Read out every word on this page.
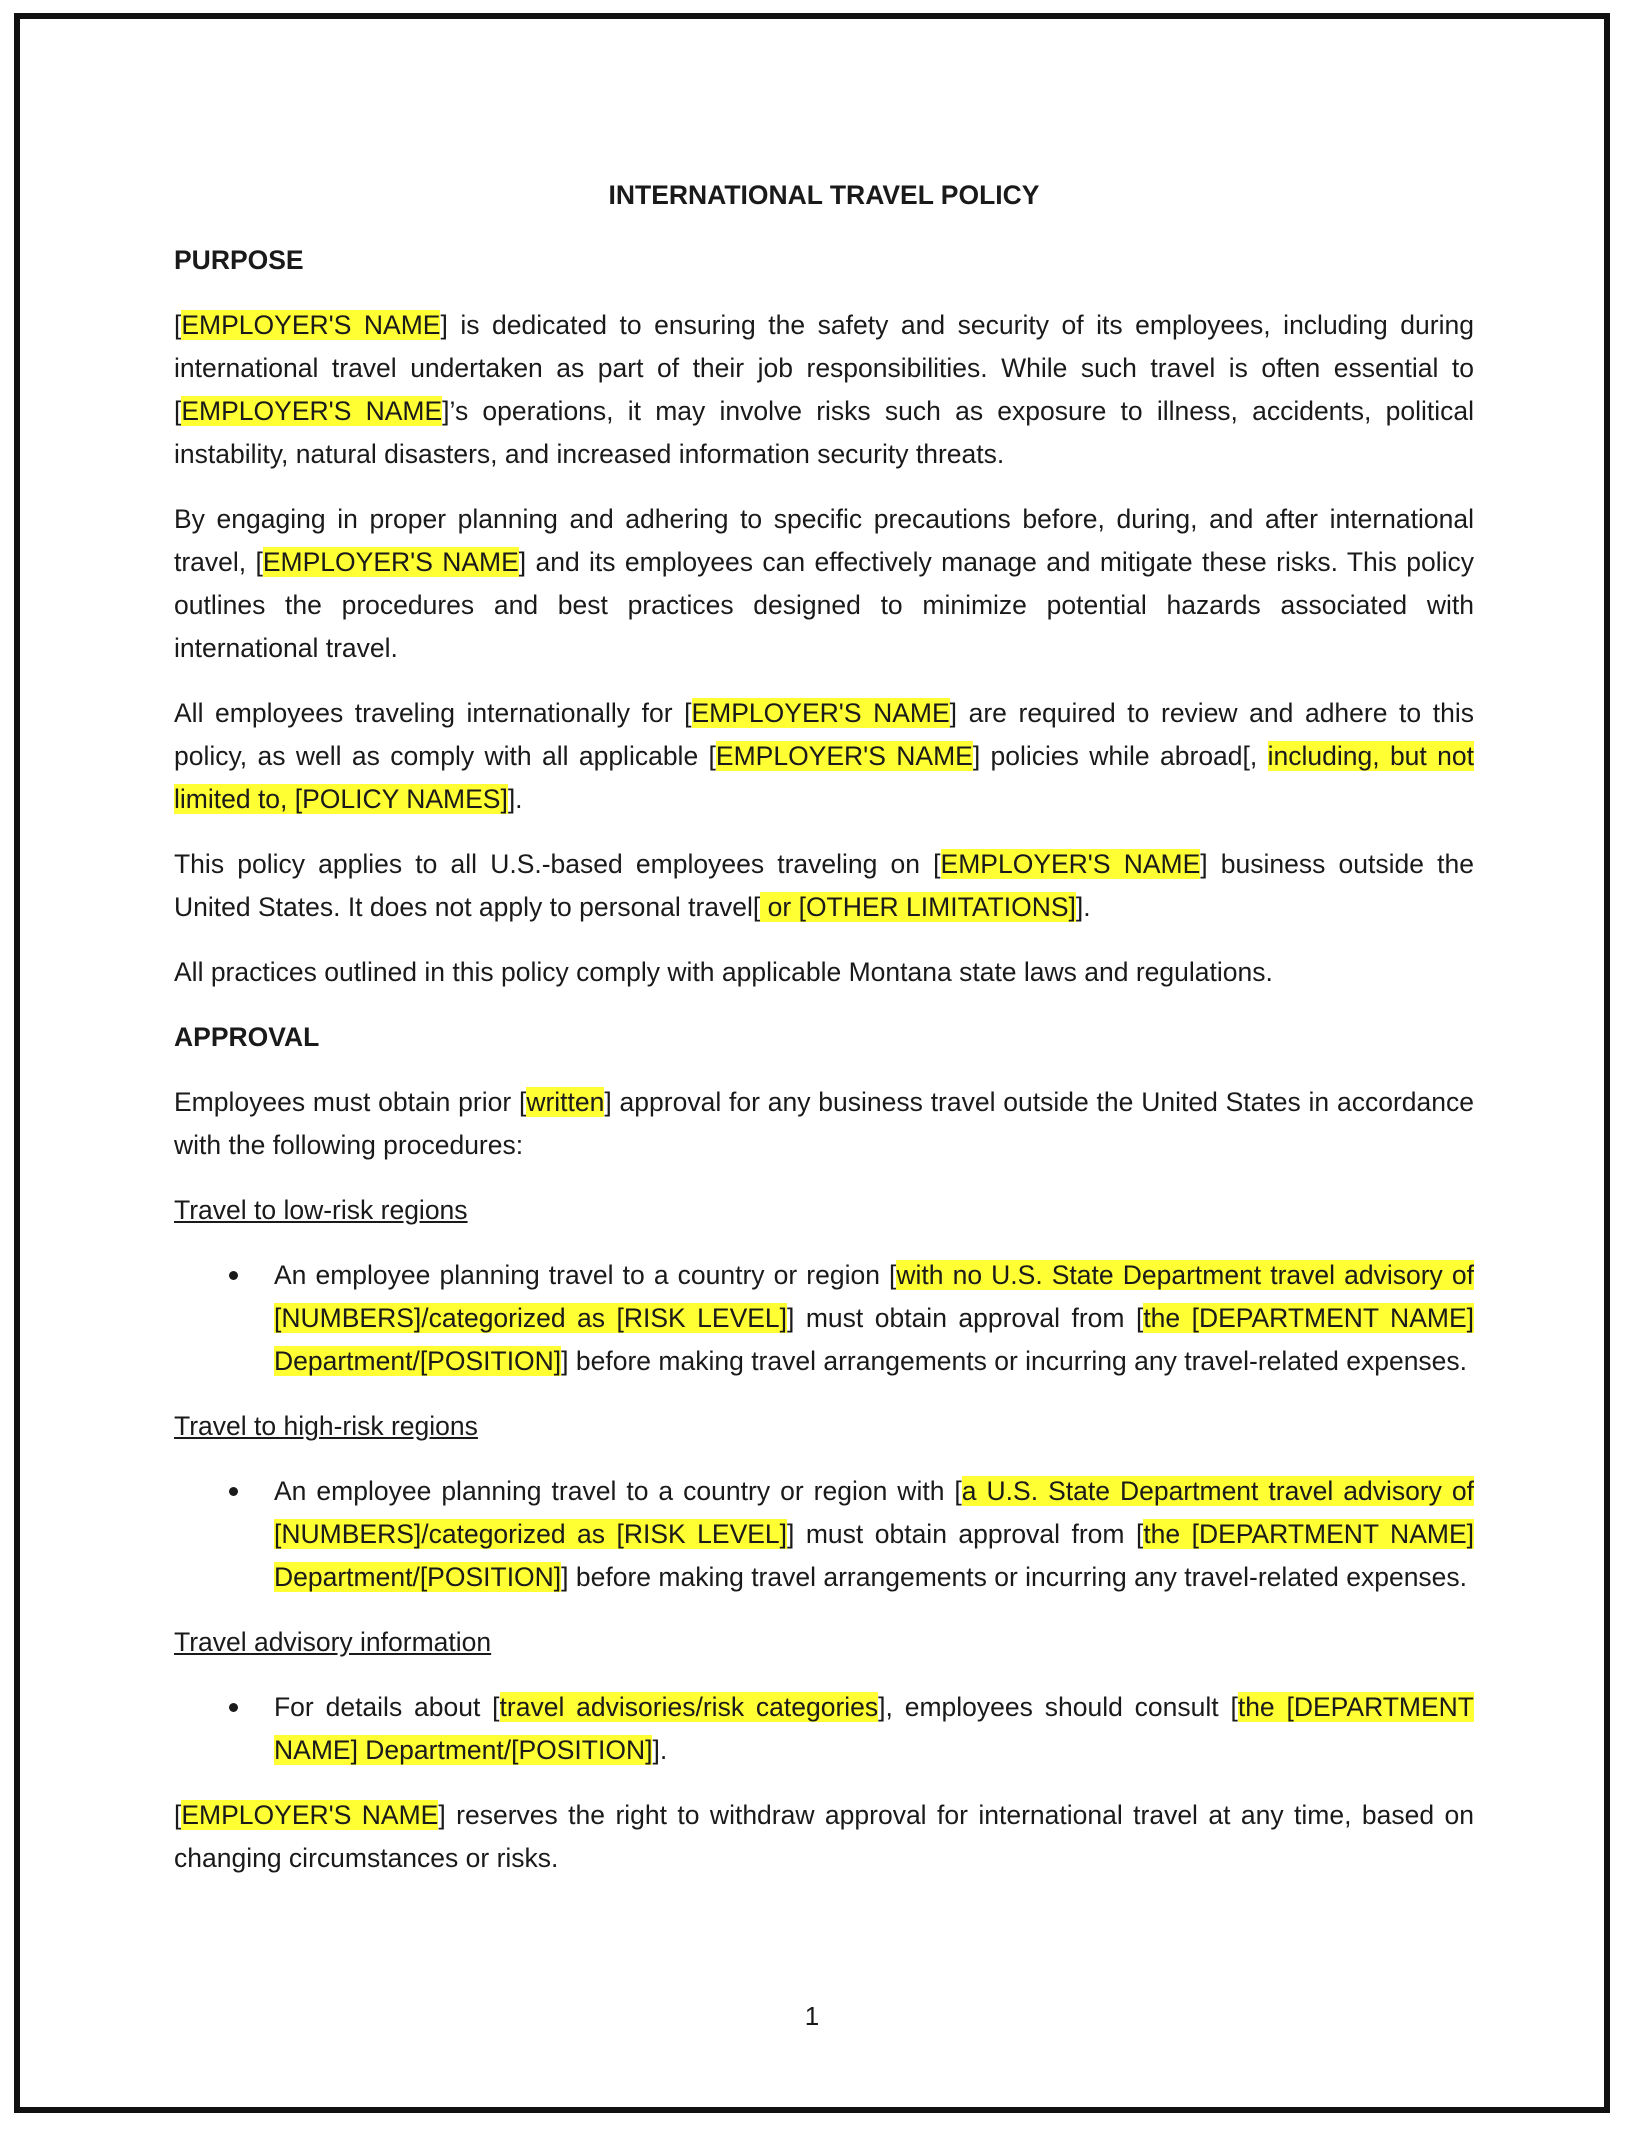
INTERNATIONAL TRAVEL POLICY
PURPOSE

[EMPLOYER'S NAME] is dedicated to ensuring the safety and security of its employees, including during international travel undertaken as part of their job responsibilities. While such travel is often essential to [EMPLOYER'S NAME]’s operations, it may involve risks such as exposure to illness, accidents, political instability, natural disasters, and increased information security threats.

By engaging in proper planning and adhering to specific precautions before, during, and after international travel, [EMPLOYER'S NAME] and its employees can effectively manage and mitigate these risks. This policy outlines the procedures and best practices designed to minimize potential hazards associated with international travel.

All employees traveling internationally for [EMPLOYER'S NAME] are required to review and adhere to this policy, as well as comply with all applicable [EMPLOYER'S NAME] policies while abroad[, including, but not limited to, [POLICY NAMES]].

This policy applies to all U.S.-based employees traveling on [EMPLOYER'S NAME] business outside the United States. It does not apply to personal travel[ or [OTHER LIMITATIONS]].

All practices outlined in this policy comply with applicable Montana state laws and regulations.

APPROVAL

Employees must obtain prior [written] approval for any business travel outside the United States in accordance with the following procedures:

Travel to low-risk regions
An employee planning travel to a country or region [with no U.S. State Department travel advisory of [NUMBERS]/categorized as [RISK LEVEL]] must obtain approval from [the [DEPARTMENT NAME] Department/[POSITION]] before making travel arrangements or incurring any travel-related expenses.
Travel to high-risk regions
An employee planning travel to a country or region with [a U.S. State Department travel advisory of [NUMBERS]/categorized as [RISK LEVEL]] must obtain approval from [the [DEPARTMENT NAME] Department/[POSITION]] before making travel arrangements or incurring any travel-related expenses.
Travel advisory information
For details about [travel advisories/risk categories], employees should consult [the [DEPARTMENT NAME] Department/[POSITION]].

[EMPLOYER'S NAME] reserves the right to withdraw approval for international travel at any time, based on changing circumstances or risks.

1
